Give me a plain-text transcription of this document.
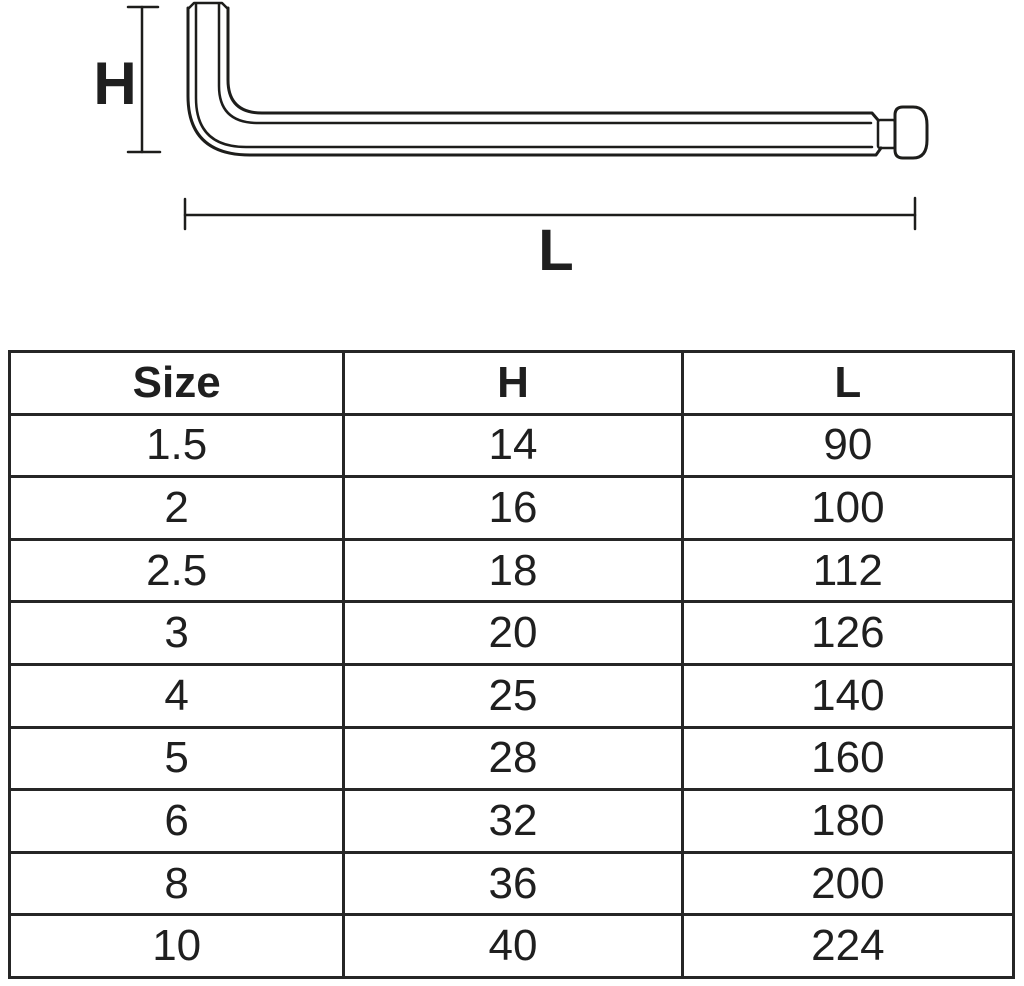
H
L
Size	H	L
1.5	14	90
2	16	100
2.5	18	112
3	20	126
4	25	140
5	28	160
6	32	180
8	36	200
10	40	224
